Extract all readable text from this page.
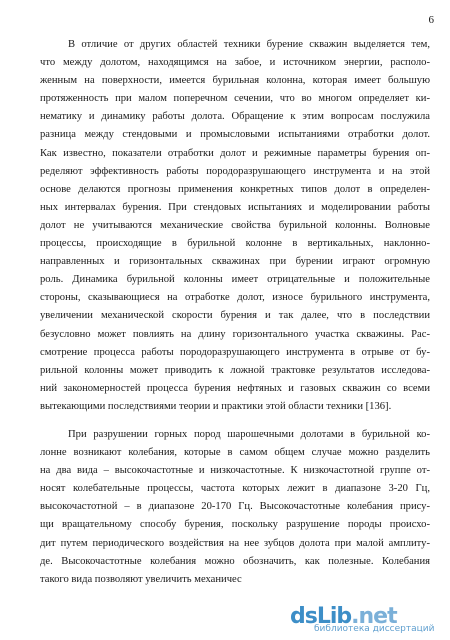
6
В отличие от других областей техники бурение скважин выделяется тем,
что между долотом, находящимся на забое, и источником энергии, располо-
женным на поверхности, имеется бурильная колонна, которая имеет большую
протяженность при малом поперечном сечении, что во многом определяет ки-
нематику и динамику работы долота. Обращение к этим вопросам послужила
разница между стендовыми и промысловыми испытаниями отработки долот.
Как известно, показатели отработки долот и режимные параметры бурения оп-
ределяют эффективность работы породоразрушающего инструмента и на этой
основе делаются прогнозы применения конкретных типов долот в определен-
ных интервалах бурения. При стендовых испытаниях и моделировании работы
долот не учитываются механические свойства бурильной колонны. Волновые
процессы, происходящие в бурильной колонне в вертикальных, наклонно-
направленных и горизонтальных скважинах при бурении играют огромную
роль. Динамика бурильной колонны имеет отрицательные и положительные
стороны, сказывающиеся на отработке долот, износе бурильного инструмента,
увеличении механической скорости бурения и так далее, что в последствии
безусловно может повлиять на длину горизонтального участка скважины. Рас-
смотрение процесса работы породоразрушающего инструмента в отрыве от бу-
рильной колонны может приводить к ложной трактовке результатов исследова-
ний закономерностей процесса бурения нефтяных и газовых скважин со всеми
вытекающими последствиями теории и практики этой области техники [136].
При разрушении горных пород шарошечными долотами в бурильной ко-
лонне возникают колебания, которые в самом общем случае можно разделить
на два вида – высокочастотные и низкочастотные. К низкочастотной группе от-
носят колебательные процессы, частота которых лежит в диапазоне 3-20 Гц,
высокочастотной – в диапазоне 20-170 Гц. Высокочастотные колебания прису-
щи вращательному способу бурения, поскольку разрушение породы происхо-
дит путем периодического воздействия на нее зубцов долота при малой амплиту-
де. Высокочастотные колебания можно обозначить, как полезные. Колебания
такого вида позволяют увеличить механичес
dsLib.net
библиотека диссертаций
